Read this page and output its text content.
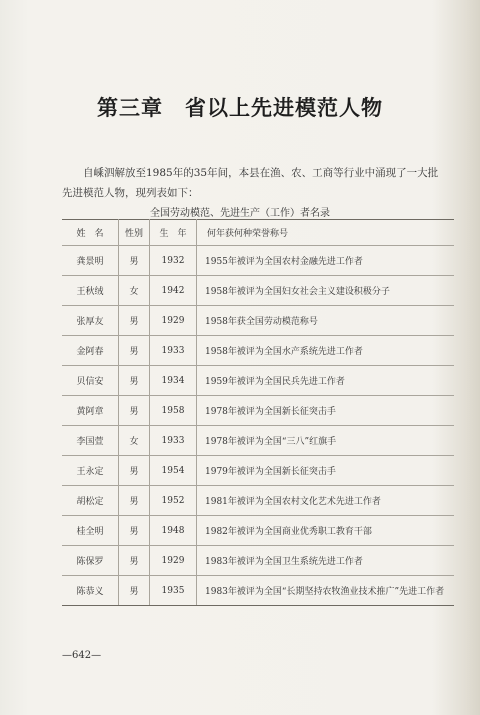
第三章 省以上先进模范人物

自嵊泗解放至1985年的35年间，本县在渔、农、工商等行业中涌现了一大批先进模范人物，现列表如下：

全国劳动模范、先进生产（工作）者名录
姓　名	性别	生　年	何年获何种荣誉称号
龚景明	男	1932	1955年被评为全国农村金融先进工作者
王秋绒	女	1942	1958年被评为全国妇女社会主义建设积极分子
张厚友	男	1929	1958年获全国劳动模范称号
金阿春	男	1933	1958年被评为全国水产系统先进工作者
贝信安	男	1934	1959年被评为全国民兵先进工作者
黄阿章	男	1958	1978年被评为全国新长征突击手
李国萱	女	1933	1978年被评为全国“三八”红旗手
王永定	男	1954	1979年被评为全国新长征突击手
胡松定	男	1952	1981年被评为全国农村文化艺术先进工作者
桂全明	男	1948	1982年被评为全国商业优秀职工教育干部
陈保罗	男	1929	1983年被评为全国卫生系统先进工作者
陈恭义	男	1935	1983年被评为全国“长期坚持农牧渔业技术推广”先进工作者
—642—
